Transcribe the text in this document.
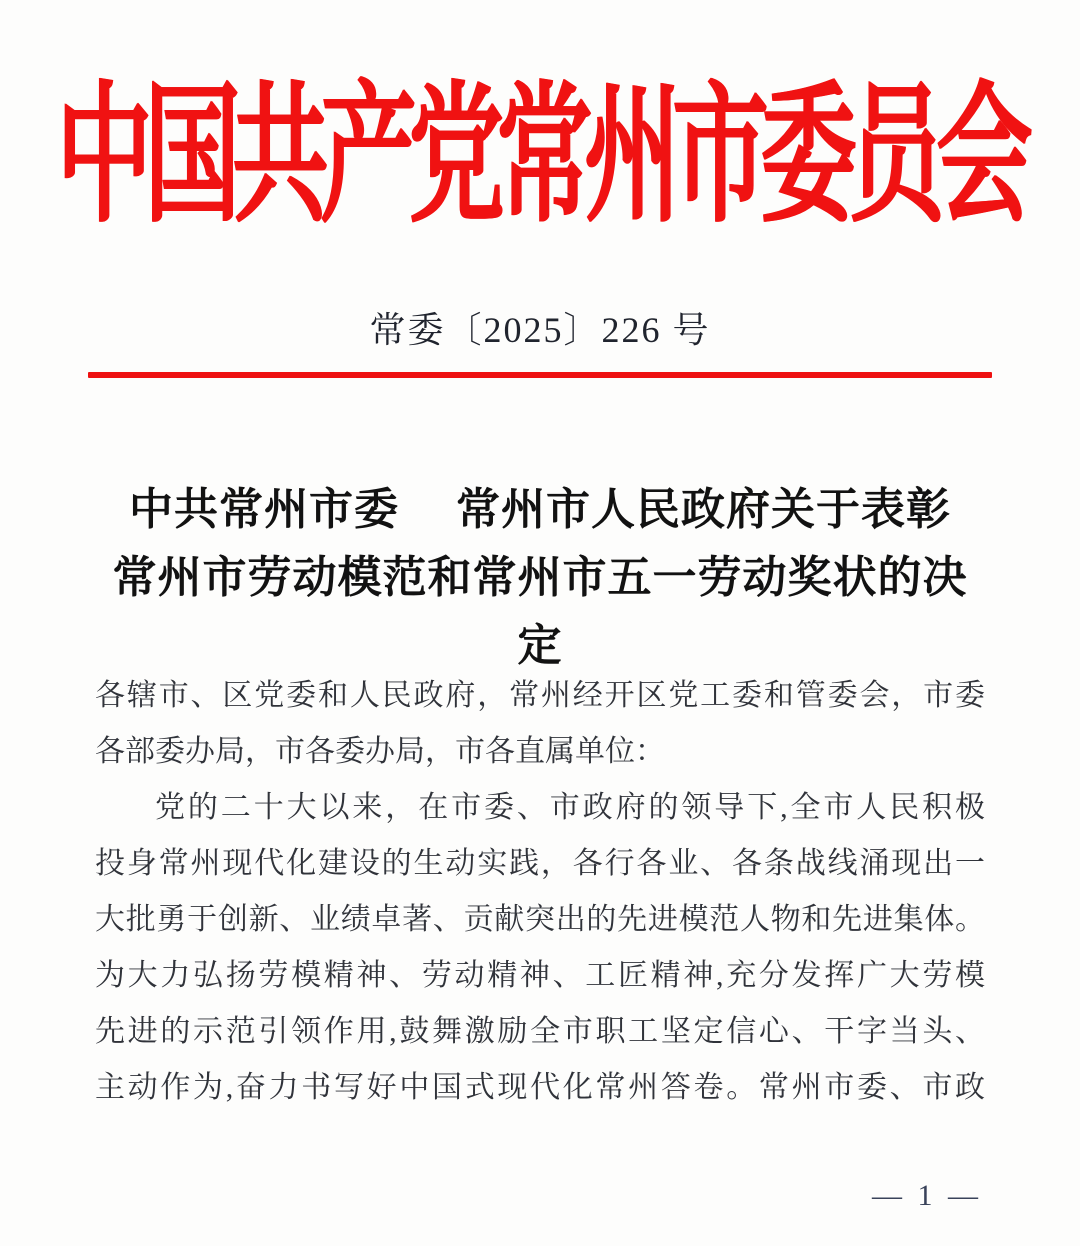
中国共产党常州市委员会
常委〔2025〕226 号
中共常州市委　 常州市人民政府关于表彰
常州市劳动模范和常州市五一劳动奖状的决定
各辖市、区党委和人民政府，常州经开区党工委和管委会，市委
各部委办局，市各委办局，市各直属单位：
党的二十大以来，在市委、市政府的领导下,全市人民积极
投身常州现代化建设的生动实践，各行各业、各条战线涌现出一
大批勇于创新、业绩卓著、贡献突出的先进模范人物和先进集体。
为大力弘扬劳模精神、劳动精神、工匠精神,充分发挥广大劳模
先进的示范引领作用,鼓舞激励全市职工坚定信心、干字当头、
主动作为,奋力书写好中国式现代化常州答卷。常州市委、市政
— 1 —
